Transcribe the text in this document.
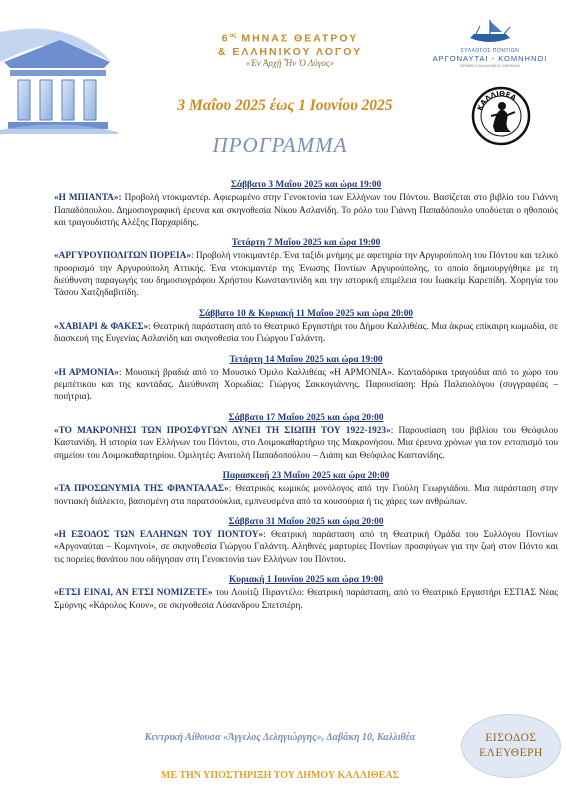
$6^{o\varsigma}$ ΜΗΝΑΣ ΘΕΑΤΡΟΥ
& ΕΛΛΗΝΙΚΟΥ ΛΟΓΟΥ
«Ἐν Ἀρχῇ Ἦν Ὁ Λόγος»
3 Μαΐου 2025 έως 1 Ιουνίου 2025
ΣΥΛΛΟΓΟΣ ΠΟΝΤΙΩΝ
ΑΡΓΟΝΑΥΤΑΙ - ΚΟΜΝΗΝΟΙ
ΒΡΑΒΕΙΟ ΑΚΑΔΗΜΙΑΣ ΑΘΗΝΩΝ
ΚΑΛΛΙΘΕΑ
ΠΡΟΓΡΑΜΜΑ
Σάββατο 3 Μαΐου 2025 και ώρα 19:00
«Η ΜΠΙΑΝΤΑ»: Προβολή ντοκιμαντέρ. Αφιερωμένο στην Γενοκτονία των Ελλήνων του Πόντου. Βασίζεται στο βιβλίο του Γιάννη Παπαδόπουλου. Δημοσιογραφική έρευνα και σκηνοθεσία Νίκου Ασλανίδη. Το ρόλο του Γιάννη Παπαδόπουλο υποδύεται ο ηθοποιός και τραγουδιστής Αλέξης Παρχαρίδης.
Τετάρτη 7 Μαΐου 2025 και ώρα 19:00
«ΑΡΓΥΡΟΥΠΟΛΙΤΩΝ ΠΟΡΕΙΑ»: Προβολή ντοκιμαντέρ. Ένα ταξίδι μνήμης με αφετηρία την Αργυρούπολη του Πόντου και τελικό προορισμό την Αργυρούπολη Αττικής. Ένα ντοκιμαντέρ της Ένωσης Ποντίων Αργυρούπολης, το οποίο δημιουργήθηκε με τη διεύθυνση παραγωγής του δημοσιογράφου Χρήστου Κωνσταντινίδη και την ιστορική επιμέλεια του Ιωακείμ Καρεπίδη. Χορηγία του Τάσου Χατζηδαβιτίδη.
Σάββατο 10 & Κυριακή 11 Μαΐου 2025 και ώρα 20:00
«ΧΑΒΙΑΡΙ & ΦΑΚΕΣ»: Θεατρική παράσταση από το Θεατρικό Εργαστήρι του Δήμου Καλλιθέας. Μια άκρως επίκαιρη κωμωδία, σε διασκευή της Ευγενίας Ασλανίδη και σκηνοθεσία του Γιώργου Γαλάντη.
Τετάρτη 14 Μαΐου 2025 και ώρα 19:00
«Η ΑΡΜΟΝΙΑ»: Μουσική βραδιά από το Μουσικό Όμιλο Καλλιθέας «Η ΑΡΜΟΝΙΑ». Κανταδόρικα τραγούδια από το χώρο του ρεμπέτικου και της καντάδας. Διεύθυνση Χορωδίας: Γιώργος Σακκογιάννης. Παρουσίαση: Ηρώ Παλαιολόγου (συγγραφέας – ποιήτρια).
Σάββατο 17 Μαΐου 2025 και ώρα 20:00
«ΤΟ ΜΑΚΡΟΝΗΣΙ ΤΩΝ ΠΡΟΣΦΥΓΩΝ ΛΥΝΕΙ ΤΗ ΣΙΩΠΗ ΤΟΥ 1922-1923»: Παρουσίαση του βιβλίου του Θεόφιλου Καστανίδη. Η ιστορία των Ελλήνων του Πόντου, στο Λοιμοκαθαρτήριο της Μακρονήσου. Μια έρευνα χρόνων για τον εντοπισμό του σημείου του Λοιμοκαθαρτηρίου. Ομιλητές: Ανατολή Παπαδοπούλου – Λιάπη και Θεόφιλος Καστανίδης.
Παρασκευή 23 Μαΐου 2025 και ώρα 20:00
«ΤΑ ΠΡΟΣΩΝΥΜΙΑ ΤΗΣ ΦΡΑΝΤΑΛΑΣ»: Θεατρικός κωμικός μονόλογος από την Γιούλη Γεωργιάδου. Μια παράσταση στην ποντιακή διάλεκτο, βασισμένη στα παρατσούκλια, εμπνευσμένα από τα κουσούρια ή τις χάρες των ανθρώπων.
Σάββατο 31 Μαΐου 2025 και ώρα 20:00
«Η ΕΞΟΔΟΣ ΤΩΝ ΕΛΛΗΝΩΝ ΤΟΥ ΠΟΝΤΟΥ»: Θεατρική παράσταση από τη Θεατρική Ομάδα του Συλλόγου Ποντίων «Αργοναύται – Κομνηνοί», σε σκηνοθεσία Γιώργου Γαλάντη. Αληθινές μαρτυρίες Ποντίων προσφύγων για την ζωή στον Πόντο και τις πορείες θανάτου που οδήγησαν στη Γενοκτονία των Ελλήνων του Πόντου.
Κυριακή 1 Ιουνίου 2025 και ώρα 19:00
«ΕΤΣΙ ΕΙΝΑΙ, ΑΝ ΕΤΣΙ ΝΟΜΙΖΕΤΕ» του Λουίτζι Πιραντέλο: Θεατρική παράσταση, από το Θεατρικό Εργαστήρι ΕΣΤΙΑΣ Νέας Σμύρνης «Κάρολος Κουν», σε σκηνοθεσία Λύσανδρου Σπετσιέρη.
Κεντρική Αίθουσα «Άγγελος Δεληγιώργης», Δαβάκη 10, Καλλιθέα
ΜΕ ΤΗΝ ΥΠΟΣΤΗΡΙΞΗ ΤΟΥ ΔΗΜΟΥ ΚΑΛΛΙΘΕΑΣ
ΕΙΣΟΔΟΣ
ΕΛΕΥΘΕΡΗ
